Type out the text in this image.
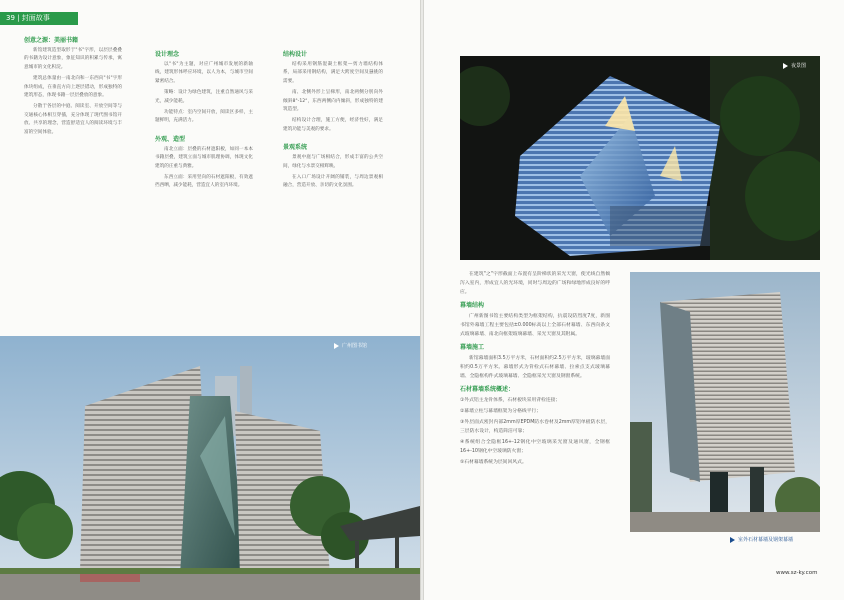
39 | 封面故事
创意之源：美丽书籍

新馆建筑造型取形于"书"字形，以层层叠叠的书籍为设计意象，象征知识的积累与传承，寓意城市的文化积淀。

建筑总体量由一南北向和一东西向"书"字形体块组成，在垂直方向上逐层错动，形成独特的建筑形态，体现书籍一层层叠放的意象。

分散于各层的中庭、阅读室、开放空间等与交通核心体相互穿插，充分体现了现代图书馆开放、共享的理念，营造舒适宜人的阅读环境与丰富的空间体验。

设计理念

以"书"为主题，对应广州城市发展的新轴线，建筑形体呼应环境，以人为本，与城市空间紧密结合。

策略：设计为绿色建筑，注重自然通风与采光，减少能耗。

功能特点：室内空间开放，阅读区多样，主题鲜明，充满活力。

外观、造型

南北立面：层叠的石材遮阳板，如同一本本书籍层叠，建筑立面与城市肌理协调，体现文化建筑的庄重与典雅。

东西立面：采用竖向的石材遮阳板，有效遮挡西晒，减少能耗，营造宜人的室内环境。

结构设计

结构采用钢筋混凝土框架—剪力墙结构体系，局部采用钢结构，满足大跨度空间及悬挑的需要。

南、北侧外形上呈梯形，南北两侧分别向外倾斜8°-12°，东西两侧向内倾斜，形成独特的建筑造型。

结构设计合理，施工方便，经济性好，满足建筑功能与美观的要求。

景观系统

景观中庭与广场相结合，形成丰富的公共空间，绿化与水景交相辉映。

在入口广场设计开阔的铺装，与周边景观相融合，营造开放、亲切的文化氛围。

广州图书馆
夜景图

在建筑"之"字形截面上布置有呈阶梯状的采光天窗，使光线自然倾泻入室内，形成宜人的光环境，同时与周边的广场和绿地形成良好的呼应。

幕墙结构

广州新图书馆主要结构类型为框架结构，抗震设防烈度7度，新图书馆外幕墙工程主要包括±0.000标高以上全部石材幕墙、东西向条文式玻璃幕墙、南北向框架玻璃幕墙、采光天窗及其附属。

幕墙施工

新馆幕墙面积3.5万平方米，石材面积约2.5万平方米，玻璃幕墙面积约0.5万平方米。幕墙形式为背栓式石材幕墙、拉索点支式玻璃幕墙、全隐框构件式玻璃幕墙、全隐框采光天窗及钢窗系统。

石材幕墙系统概述：
①外式铝主龙骨体系，石材板块采用背栓连接；
②幕墙立柱与幕墙框架为分格线平行；
③外层面式密封内部2mm厚EPDM防水卷材及2mm厚铝单板防水层，三层防水设计，构造简洁可靠；
④系统组合全隐框16+-12钢化中空玻璃采光窗及通风窗，全钢框16+-10钢化中空玻璃防火窗；
⑤石材幕墙系统为层间回风式。
室外石材幕墙及钢架幕墙
www.sz-ky.com
